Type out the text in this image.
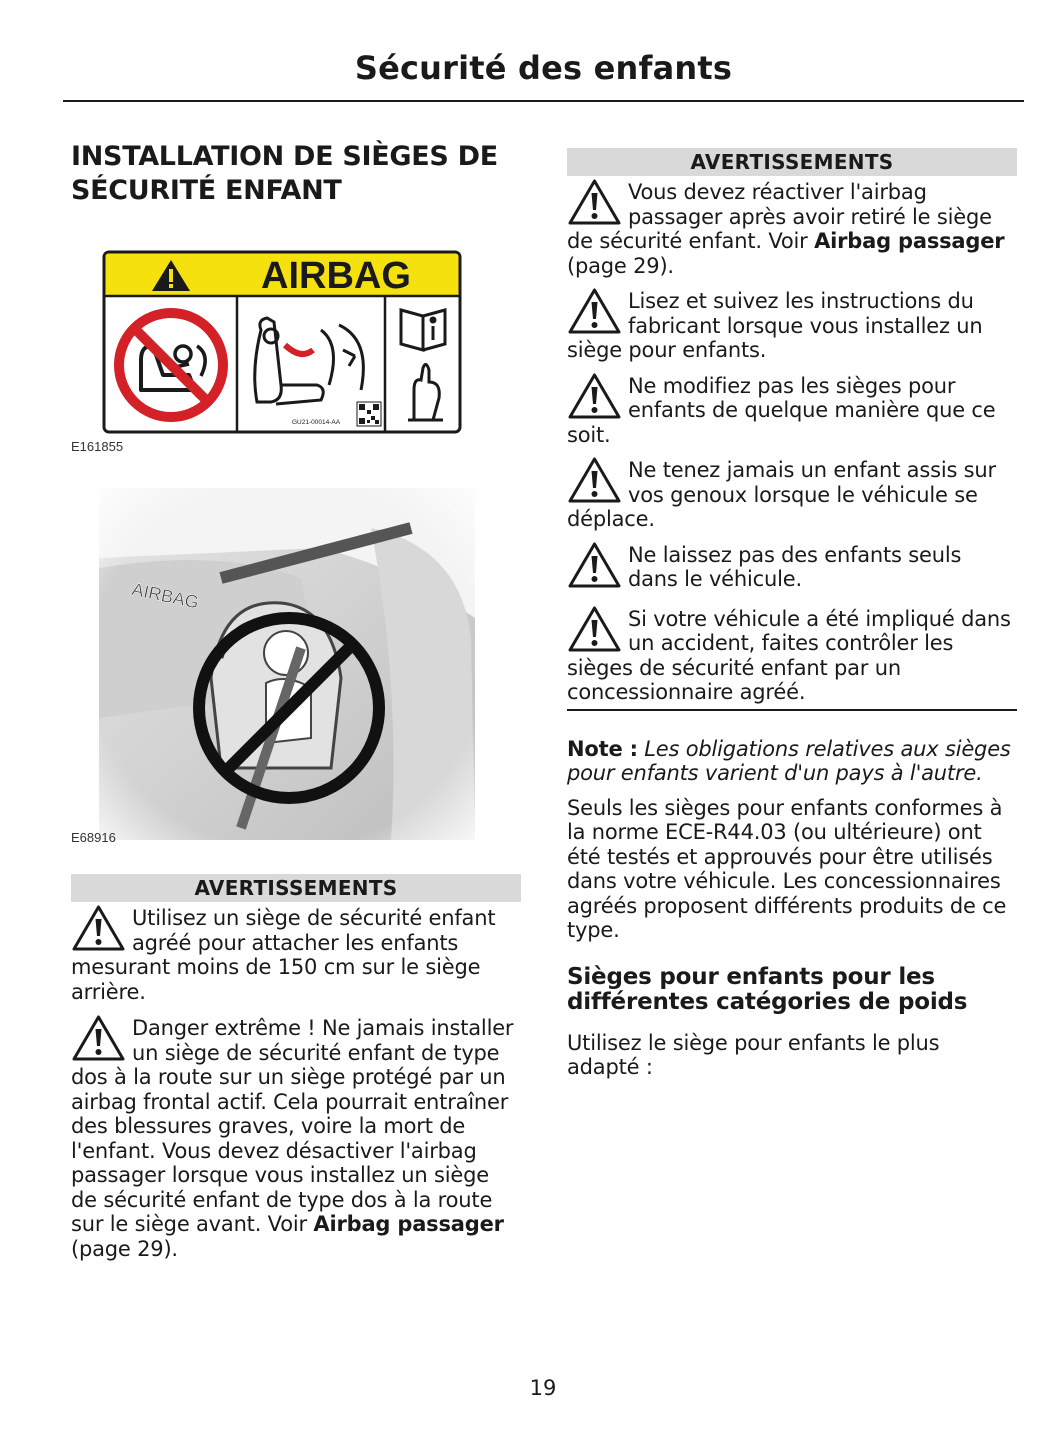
Sécurité des enfants
INSTALLATION DE SIÈGES DE SÉCURITÉ ENFANT
AIRBAG
GU21-00014-AA
E161855
E68916
AVERTISSEMENTS
Utilisez un siège de sécurité enfant agréé pour attacher les enfants mesurant moins de 150 cm sur le siège arrière.
Danger extrême ! Ne jamais installer un siège de sécurité enfant de type dos à la route sur un siège protégé par un airbag frontal actif. Cela pourrait entraîner des blessures graves, voire la mort de l'enfant. Vous devez désactiver l'airbag passager lorsque vous installez un siège de sécurité enfant de type dos à la route sur le siège avant. Voir Airbag passager (page 29).
AVERTISSEMENTS
Vous devez réactiver l'airbag passager après avoir retiré le siège de sécurité enfant. Voir Airbag passager (page 29).
Lisez et suivez les instructions du fabricant lorsque vous installez un siège pour enfants.
Ne modifiez pas les sièges pour enfants de quelque manière que ce soit.
Ne tenez jamais un enfant assis sur vos genoux lorsque le véhicule se déplace.
Ne laissez pas des enfants seuls dans le véhicule.
Si votre véhicule a été impliqué dans un accident, faites contrôler les sièges de sécurité enfant par un concessionnaire agréé.

Note : Les obligations relatives aux sièges pour enfants varient d'un pays à l'autre.

Seuls les sièges pour enfants conformes à la norme ECE-R44.03 (ou ultérieure) ont été testés et approuvés pour être utilisés dans votre véhicule. Les concessionnaires agréés proposent différents produits de ce type.

Sièges pour enfants pour les différentes catégories de poids

Utilisez le siège pour enfants le plus adapté :

19
